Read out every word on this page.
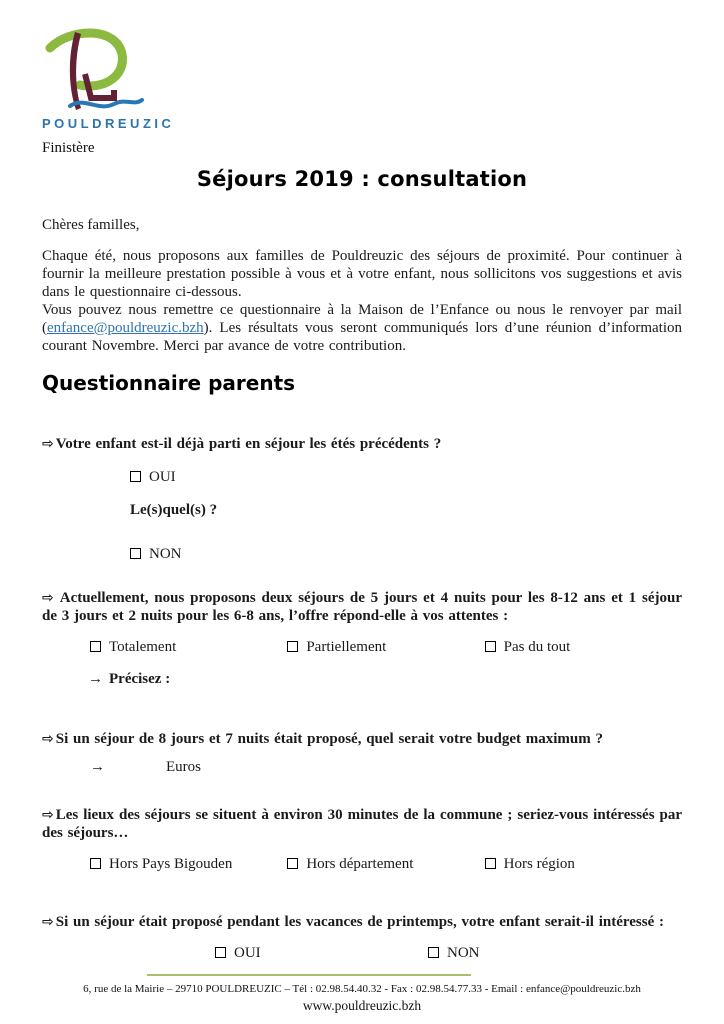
POULDREUZIC
Finistère
Séjours 2019 : consultation
Chères familles,

Chaque été, nous proposons aux familles de Pouldreuzic des séjours de proximité. Pour continuer à fournir la meilleure prestation possible à vous et à votre enfant, nous sollicitons vos suggestions et avis dans le questionnaire ci-dessous.

Vous pouvez nous remettre ce questionnaire à la Maison de l’Enfance ou nous le renvoyer par mail (enfance@pouldreuzic.bzh). Les résultats vous seront communiqués lors d’une réunion d’information courant Novembre. Merci par avance de votre contribution.

Questionnaire parents

⇨ Votre enfant est-il déjà parti en séjour les étés précédents ?

OUI
Le(s)quel(s) ?
NON

⇨ Actuellement, nous proposons deux séjours de 5 jours et 4 nuits pour les 8-12 ans et 1 séjour de 3 jours et 2 nuits pour les 6-8 ans, l’offre répond-elle à vos attentes :

Totalement	Partiellement	Pas du tout
→ Précisez :

⇨ Si un séjour de 8 jours et 7 nuits était proposé, quel serait votre budget maximum ?

→	Euros

⇨ Les lieux des séjours se situent à environ 30 minutes de la commune ; seriez-vous intéressés par des séjours…

Hors Pays Bigouden	Hors département	Hors région

⇨ Si un séjour était proposé pendant les vacances de printemps, votre enfant serait-il intéressé :

OUI	NON
6, rue de la Mairie – 29710 POULDREUZIC – Tél : 02.98.54.40.32 - Fax : 02.98.54.77.33 - Email : enfance@pouldreuzic.bzh
www.pouldreuzic.bzh
